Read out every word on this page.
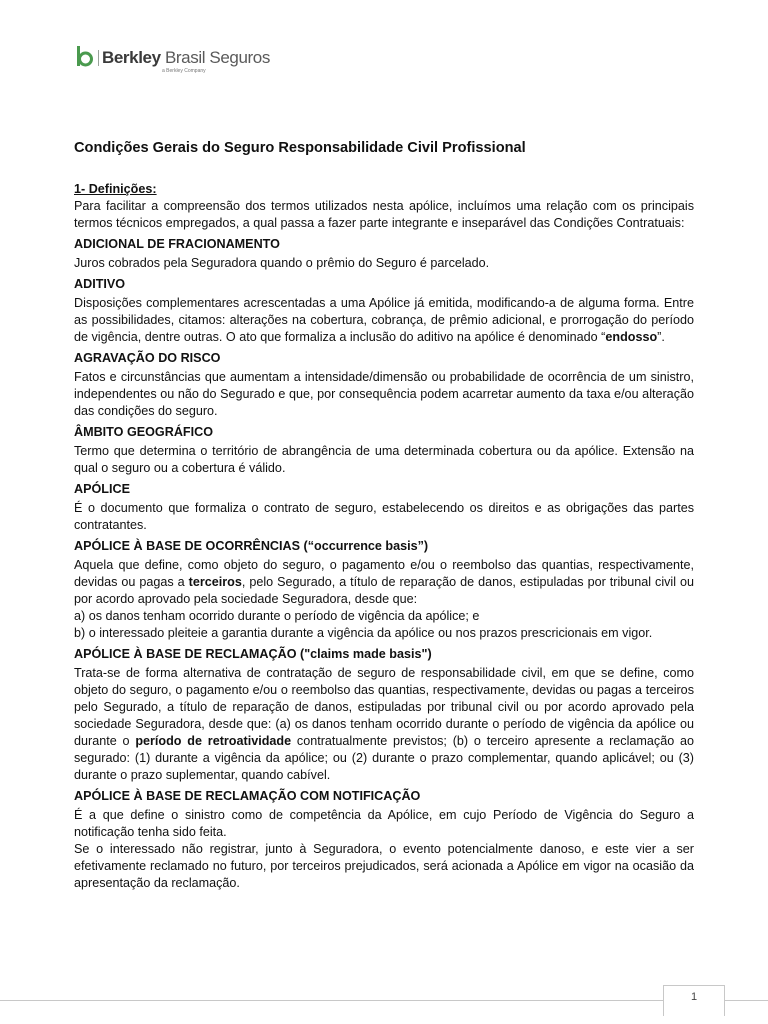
Berkley Brasil Seguros
a Berkley Company
Condições Gerais do Seguro Responsabilidade Civil Profissional

1- Definições:

Para facilitar a compreensão dos termos utilizados nesta apólice, incluímos uma relação com os principais termos técnicos empregados, a qual passa a fazer parte integrante e inseparável das Condições Contratuais:

ADICIONAL DE FRACIONAMENTO

Juros cobrados pela Seguradora quando o prêmio do Seguro é parcelado.

ADITIVO

Disposições complementares acrescentadas a uma Apólice já emitida, modificando-a de alguma forma. Entre as possibilidades, citamos: alterações na cobertura, cobrança, de prêmio adicional, e prorrogação do período de vigência, dentre outras. O ato que formaliza a inclusão do aditivo na apólice é denominado “endosso”.

AGRAVAÇÃO DO RISCO

Fatos e circunstâncias que aumentam a intensidade/dimensão ou probabilidade de ocorrência de um sinistro, independentes ou não do Segurado e que, por consequência podem acarretar aumento da taxa e/ou alteração das condições do seguro.

ÂMBITO GEOGRÁFICO

Termo que determina o território de abrangência de uma determinada cobertura ou da apólice. Extensão na qual o seguro ou a cobertura é válido.

APÓLICE

É o documento que formaliza o contrato de seguro, estabelecendo os direitos e as obrigações das partes contratantes.

APÓLICE À BASE DE OCORRÊNCIAS (“occurrence basis”)

Aquela que define, como objeto do seguro, o pagamento e/ou o reembolso das quantias, respectivamente, devidas ou pagas a terceiros, pelo Segurado, a título de reparação de danos, estipuladas por tribunal civil ou por acordo aprovado pela sociedade Seguradora, desde que:

a) os danos tenham ocorrido durante o período de vigência da apólice; e

b) o interessado pleiteie a garantia durante a vigência da apólice ou nos prazos prescricionais em vigor.

APÓLICE À BASE DE RECLAMAÇÃO ("claims made basis")

Trata-se de forma alternativa de contratação de seguro de responsabilidade civil, em que se define, como objeto do seguro, o pagamento e/ou o reembolso das quantias, respectivamente, devidas ou pagas a terceiros pelo Segurado, a título de reparação de danos, estipuladas por tribunal civil ou por acordo aprovado pela sociedade Seguradora, desde que: (a) os danos tenham ocorrido durante o período de vigência da apólice ou durante o período de retroatividade contratualmente previstos; (b) o terceiro apresente a reclamação ao segurado: (1) durante a vigência da apólice; ou (2) durante o prazo complementar, quando aplicável; ou (3) durante o prazo suplementar, quando cabível.

APÓLICE À BASE DE RECLAMAÇÃO COM NOTIFICAÇÃO

É a que define o sinistro como de competência da Apólice, em cujo Período de Vigência do Seguro a notificação tenha sido feita.

Se o interessado não registrar, junto à Seguradora, o evento potencialmente danoso, e este vier a ser efetivamente reclamado no futuro, por terceiros prejudicados, será acionada a Apólice em vigor na ocasião da apresentação da reclamação.

1
